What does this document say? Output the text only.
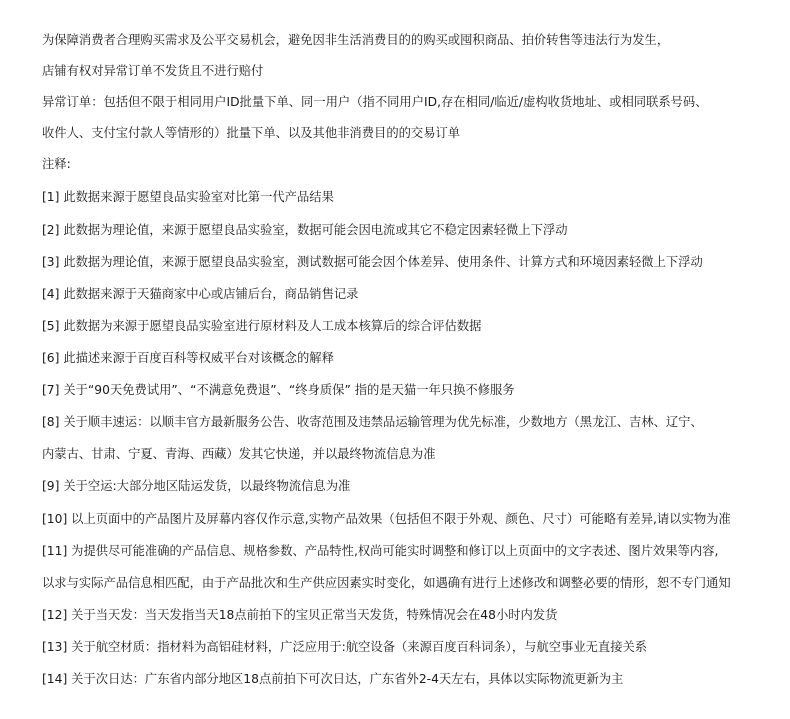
为保障消费者合理购买需求及公平交易机会，避免因非生活消费目的的购买或囤积商品、拍价转售等违法行为发生，
店铺有权对异常订单不发货且不进行赔付
异常订单：包括但不限于相同用户ID批量下单、同一用户（指不同用户ID,存在相同/临近/虚构收货地址、或相同联系号码、
收件人、支付宝付款人等情形的）批量下单、以及其他非消费目的的交易订单
注释:
[1] 此数据来源于愿望良品实验室对比第一代产品结果
[2] 此数据为理论值，来源于愿望良品实验室，数据可能会因电流或其它不稳定因素轻微上下浮动
[3] 此数据为理论值，来源于愿望良品实验室，测试数据可能会因个体差异、使用条件、计算方式和环境因素轻微上下浮动
[4] 此数据来源于天猫商家中心或店铺后台，商品销售记录
[5] 此数据为来源于愿望良品实验室进行原材料及人工成本核算后的综合评估数据
[6] 此描述来源于百度百科等权威平台对该概念的解释
[7] 关于“90天免费试用”、“不满意免费退”、“终身质保” 指的是天猫一年只换不修服务
[8] 关于顺丰速运：以顺丰官方最新服务公告、收寄范围及违禁品运输管理为优先标准，少数地方（黑龙江、吉林、辽宁、
内蒙古、甘肃、宁夏、青海、西藏）发其它快递，并以最终物流信息为准
[9] 关于空运:大部分地区陆运发货，以最终物流信息为准
[10] 以上页面中的产品图片及屏幕内容仅作示意,实物产品效果（包括但不限于外观、颜色、尺寸）可能略有差异,请以实物为准
[11] 为提供尽可能准确的产品信息、规格参数、产品特性,权尚可能实时调整和修订以上页面中的文字表述、图片效果等内容,
以求与实际产品信息相匹配，由于产品批次和生产供应因素实时变化，如遇确有进行上述修改和调整必要的情形，恕不专门通知
[12] 关于当天发：当天发指当天18点前拍下的宝贝正常当天发货，特殊情况会在48小时内发货
[13] 关于航空材质：指材料为高铝硅材料，广泛应用于:航空设备（来源百度百科词条），与航空事业无直接关系
[14] 关于次日达：广东省内部分地区18点前拍下可次日达，广东省外2-4天左右，具体以实际物流更新为主
